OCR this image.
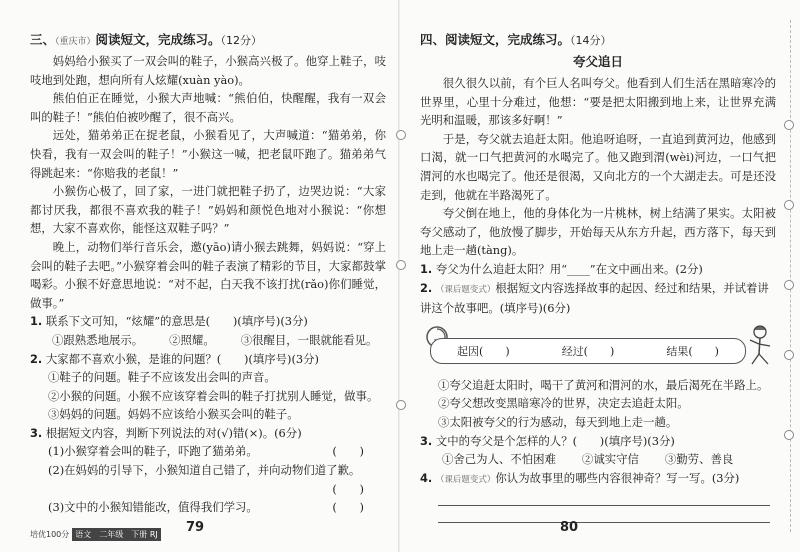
三、（重庆市）阅读短文，完成练习。（12分）

妈妈给小猴买了一双会叫的鞋子，小猴高兴极了。他穿上鞋子，吱吱地到处跑，想向所有人炫耀(xuàn yào)。

熊伯伯正在睡觉，小猴大声地喊：“熊伯伯，快醒醒，我有一双会叫的鞋子！”熊伯伯被吵醒了，很不高兴。

远处，猫弟弟正在捉老鼠，小猴看见了，大声喊道：“猫弟弟，你快看，我有一双会叫的鞋子！”小猴这一喊，把老鼠吓跑了。猫弟弟气得跳起来：“你赔我的老鼠！”

小猴伤心极了，回了家，一进门就把鞋子扔了，边哭边说：“大家都讨厌我，都很不喜欢我的鞋子！”妈妈和颜悦色地对小猴说：“你想想，大家不喜欢你，能怪这双鞋子吗？”

晚上，动物们举行音乐会，邀(yāo)请小猴去跳舞，妈妈说：“穿上会叫的鞋子去吧。”小猴穿着会叫的鞋子表演了精彩的节目，大家都鼓掌喝彩。小猴不好意思地说：“对不起，白天我不该打扰(rǎo)你们睡觉，做事。”

1. 联系下文可知，“炫耀”的意思是(　　)(填序号)(3分)
①跟熟悉地展示。 ②照耀。 ③很醒目，一眼就能看见。
2. 大家都不喜欢小猴，是谁的问题？(　　)(填序号)(3分)
①鞋子的问题。鞋子不应该发出会叫的声音。
②小猴的问题。小猴不应该穿着会叫的鞋子打扰别人睡觉，做事。
③妈妈的问题。妈妈不应该给小猴买会叫的鞋子。
3. 根据短文内容，判断下列说法的对(√)错(×)。(6分)
(1)小猴穿着会叫的鞋子，吓跑了猫弟弟。	(　　)
(2)在妈妈的引导下，小猴知道自己错了，并向动物们道了歉。
(　　)
(3)文中的小猴知错能改，值得我们学习。	(　　)
培优100分 语文　二年级　下册 RJ 79
四、阅读短文，完成练习。（14分）
夸父追日

很久很久以前，有个巨人名叫夸父。他看到人们生活在黑暗寒冷的世界里，心里十分难过，他想：“要是把太阳搬到地上来，让世界充满光明和温暖，那该多好啊！”

于是，夸父就去追赶太阳。他追呀追呀，一直追到黄河边，他感到口渴，就一口气把黄河的水喝完了。他又跑到渭(wèi)河边，一口气把渭河的水也喝完了。他还是很渴，又向北方的一个大湖走去。可是还没走到，他就在半路渴死了。

夸父倒在地上，他的身体化为一片桃林，树上结满了果实。太阳被夸父感动了，他放慢了脚步，开始每天从东方升起，西方落下，每天到地上走一趟(tàng)。

1. 夸父为什么追赶太阳？用“____”在文中画出来。(2分)
2. （课后题变式）根据短文内容选择故事的起因、经过和结果，并试着讲讲这个故事吧。(填序号)(6分)
起因(　　)	经过(　　)	结果(　　)
①夸父追赶太阳时，喝干了黄河和渭河的水，最后渴死在半路上。
②夸父想改变黑暗寒冷的世界，决定去追赶太阳。
③太阳被夸父的行为感动，每天到地上走一趟。
3. 文中的夸父是个怎样的人？(　　)(填序号)(3分)
①舍己为人、不怕困难 ②诚实守信 ③勤劳、善良
4. （课后题变式）你认为故事里的哪些内容很神奇？写一写。(3分)
80
